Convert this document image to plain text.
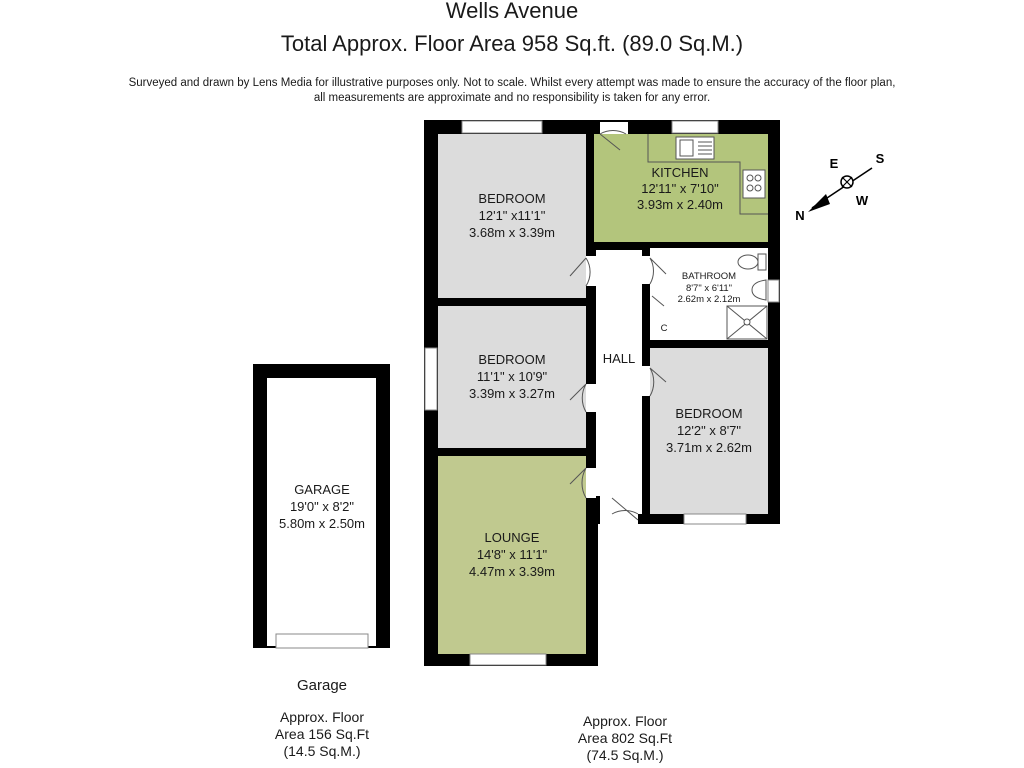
Wells Avenue
Total Approx. Floor Area 958 Sq.ft. (89.0 Sq.M.)
Surveyed and drawn by Lens Media for illustrative purposes only. Not to scale. Whilst every attempt was made to ensure the accuracy of the floor plan,
all measurements are approximate and no responsibility is taken for any error.
BEDROOM
12'1" x11'1"
3.68m x 3.39m
KITCHEN
12'11" x 7'10"
3.93m x 2.40m
BATHROOM
8'7" x 6'11"
2.62m x 2.12m
C
BEDROOM
11'1" x 10'9"
3.39m x 3.27m
HALL
BEDROOM
12'2" x 8'7"
3.71m x 2.62m
LOUNGE
14'8" x 11'1"
4.47m x 3.39m
GARAGE
19'0" x 8'2"
5.80m x 2.50m
E	S
W
N
Garage
Approx. Floor
Area 156 Sq.Ft
(14.5 Sq.M.)
Approx. Floor
Area 802 Sq.Ft
(74.5 Sq.M.)
